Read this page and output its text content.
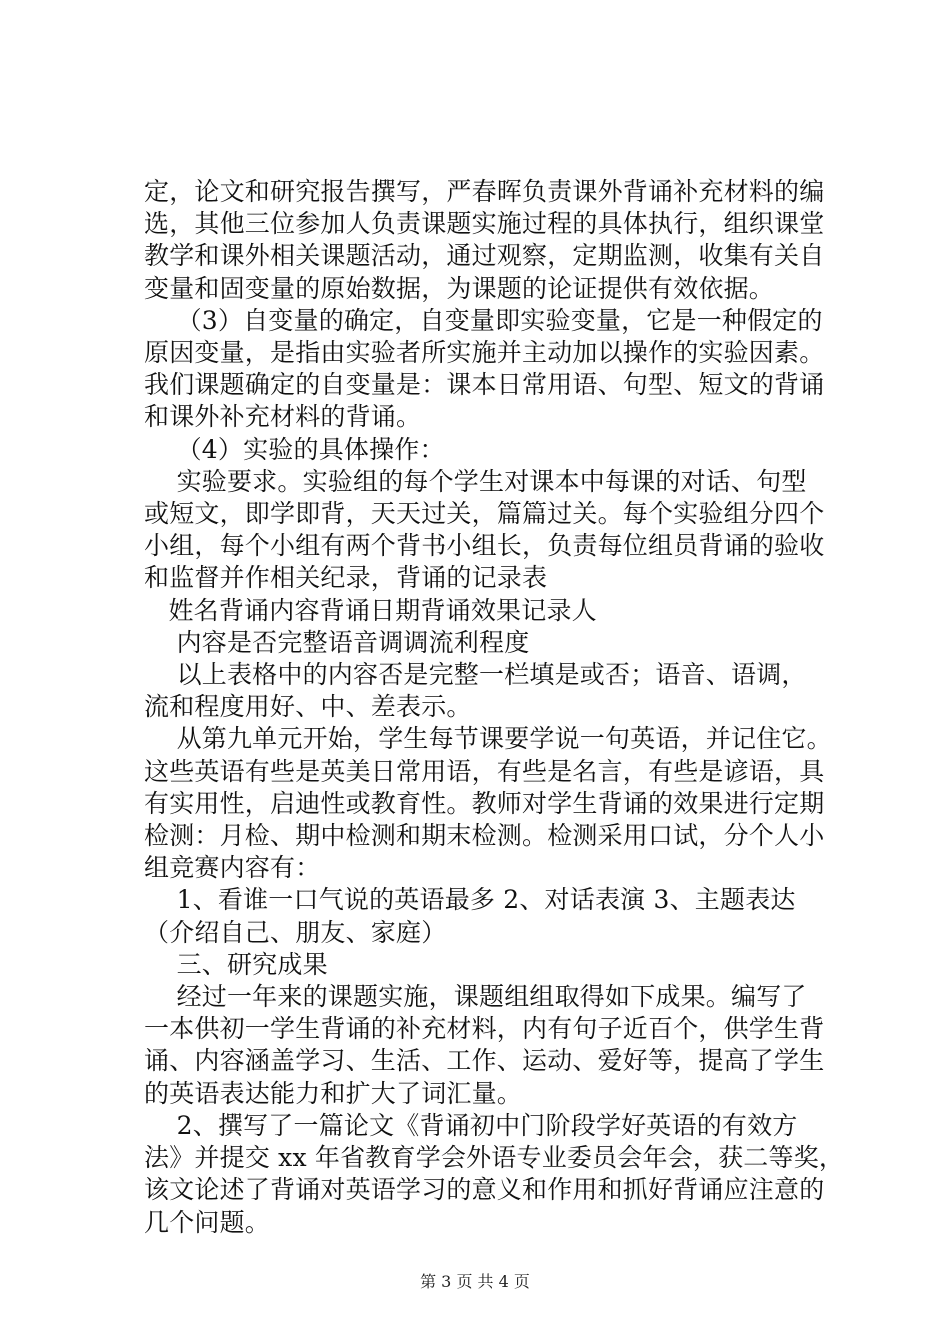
定，论文和研究报告撰写，严春晖负责课外背诵补充材料的编

选，其他三位参加人负责课题实施过程的具体执行，组织课堂

教学和课外相关课题活动，通过观察，定期监测，收集有关自

变量和固变量的原始数据，为课题的论证提供有效依据。

（3）自变量的确定，自变量即实验变量，它是一种假定的

原因变量，是指由实验者所实施并主动加以操作的实验因素。

我们课题确定的自变量是：课本日常用语、句型、短文的背诵

和课外补充材料的背诵。

（4）实验的具体操作：

实验要求。实验组的每个学生对课本中每课的对话、句型

或短文，即学即背，天天过关，篇篇过关。每个实验组分四个

小组，每个小组有两个背书小组长，负责每位组员背诵的验收

和监督并作相关纪录，背诵的记录表

姓名背诵内容背诵日期背诵效果记录人

内容是否完整语音调调流利程度

以上表格中的内容否是完整一栏填是或否；语音、语调，

流和程度用好、中、差表示。

从第九单元开始，学生每节课要学说一句英语，并记住它。

这些英语有些是英美日常用语，有些是名言，有些是谚语，具

有实用性，启迪性或教育性。教师对学生背诵的效果进行定期

检测：月检、期中检测和期末检测。检测采用口试，分个人小

组竞赛内容有：

1、看谁一口气说的英语最多 2、对话表演 3、主题表达

（介绍自己、朋友、家庭）

三、研究成果

经过一年来的课题实施，课题组组取得如下成果。编写了

一本供初一学生背诵的补充材料，内有句子近百个，供学生背

诵、内容涵盖学习、生活、工作、运动、爱好等，提高了学生

的英语表达能力和扩大了词汇量。

2、撰写了一篇论文《背诵初中门阶段学好英语的有效方

法》并提交 xx 年省教育学会外语专业委员会年会，获二等奖，

该文论述了背诵对英语学习的意义和作用和抓好背诵应注意的

几个问题。

第 3 页 共 4 页
